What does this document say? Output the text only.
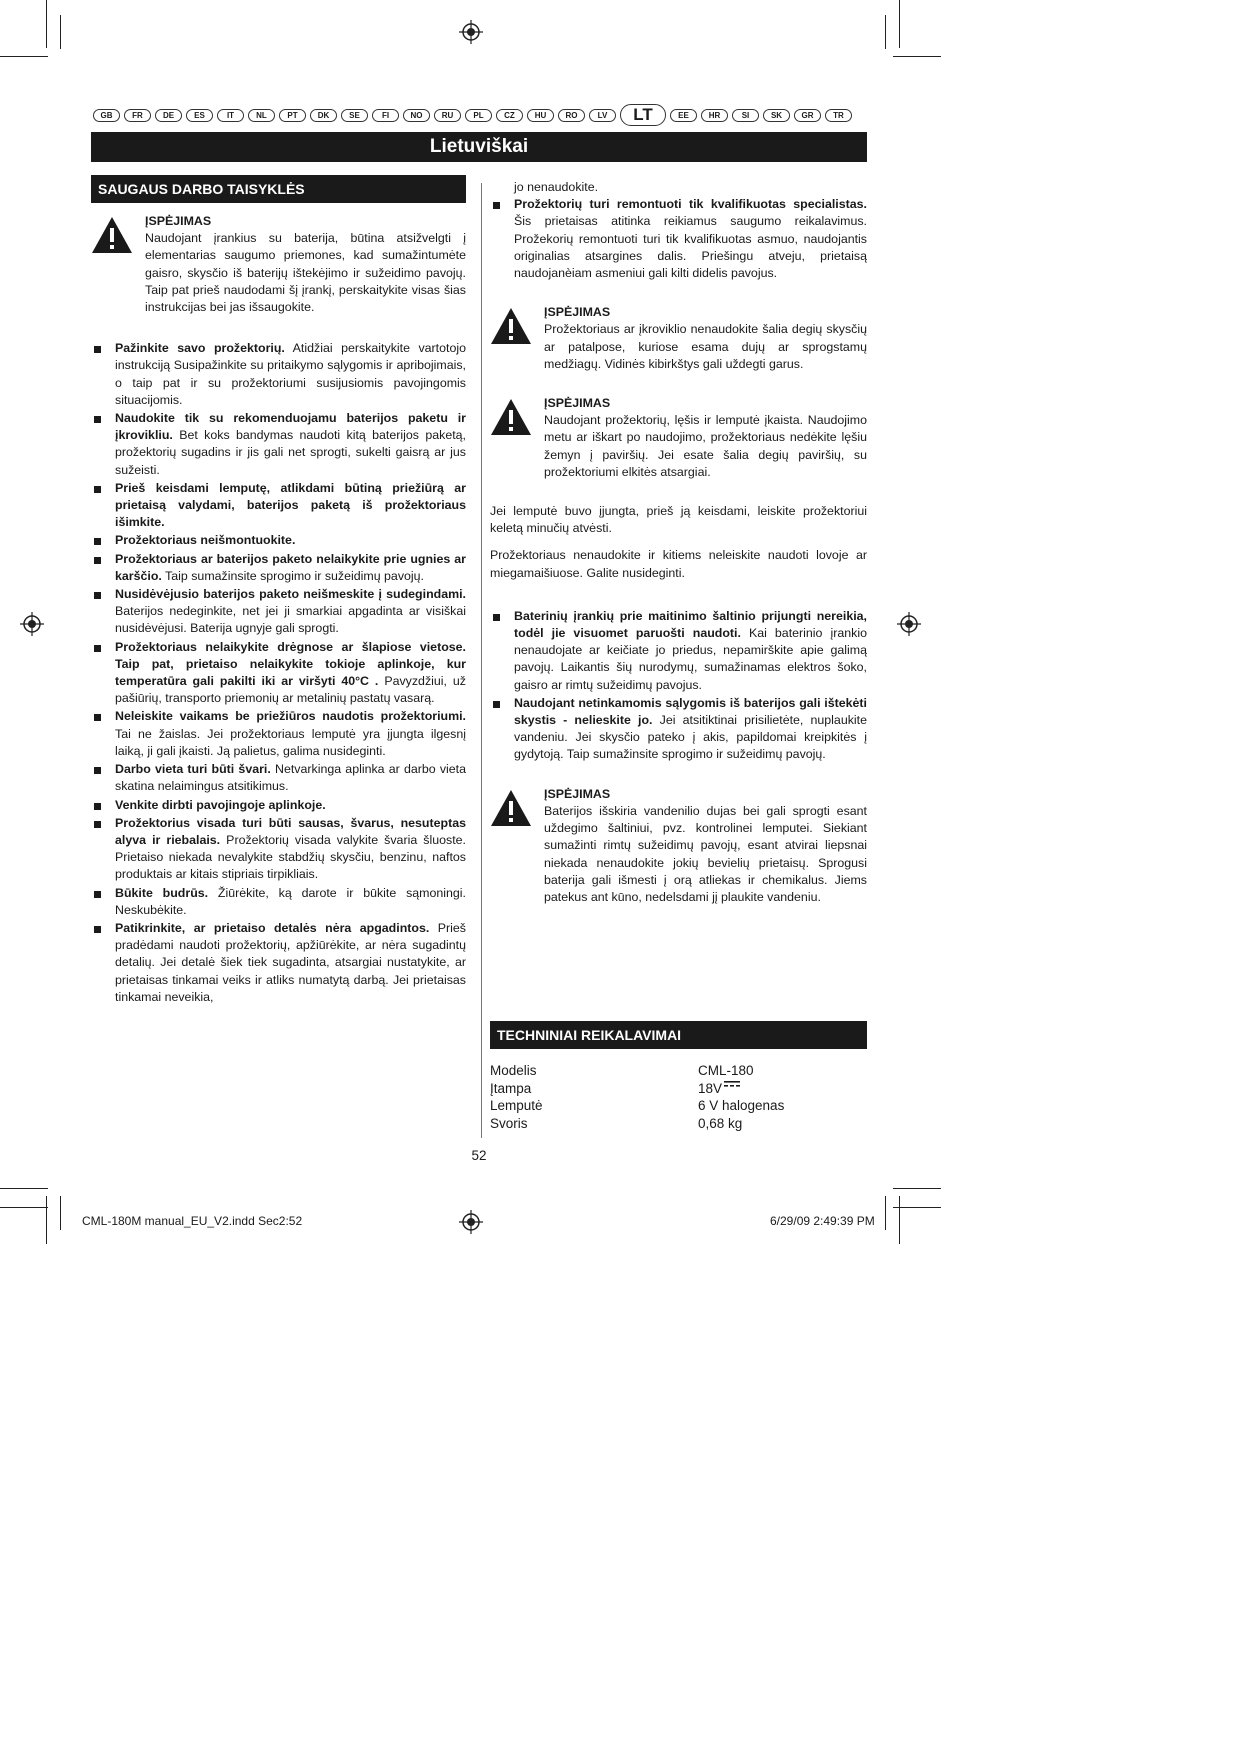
GB	FR	DE	ES	IT	NL	PT	DK	SE	FI	NO	RU	PL	CZ	HU	RO	LV	LT	EE	HR	SI	SK	GR	TR
Lietuviškai
SAUGAUS DARBO TAISYKLĖS
ĮSPĖJIMAS
Naudojant įrankius su baterija, būtina atsižvelgti į elementarias saugumo priemones, kad sumažintumėte gaisro, skysčio iš baterijų ištekėjimo ir sužeidimo pavojų. Taip pat prieš naudodami šį įrankį, perskaitykite visas šias instrukcijas bei jas išsaugokite.
Pažinkite savo prožektorių. Atidžiai perskaitykite vartotojo instrukciją Susipažinkite su pritaikymo sąlygomis ir apribojimais, o taip pat ir su prožektoriumi susijusiomis pavojingomis situacijomis.
Naudokite tik su rekomenduojamu baterijos paketu ir įkrovikliu. Bet koks bandymas naudoti kitą baterijos paketą, prožektorių sugadins ir jis gali net sprogti, sukelti gaisrą ar jus sužeisti.
Prieš keisdami lemputę, atlikdami būtiną priežiūrą ar prietaisą valydami, baterijos paketą iš prožektoriaus išimkite.
Prožektoriaus neišmontuokite.
Prožektoriaus ar baterijos paketo nelaikykite prie ugnies ar karščio. Taip sumažinsite sprogimo ir sužeidimų pavojų.
Nusidėvėjusio baterijos paketo neišmeskite į sudegindami. Baterijos nedeginkite, net jei ji smarkiai apgadinta ar visiškai nusidėvėjusi. Baterija ugnyje gali sprogti.
Prožektoriaus nelaikykite drėgnose ar šlapiose vietose. Taip pat, prietaiso nelaikykite tokioje aplinkoje, kur temperatūra gali pakilti iki ar viršyti 40°C . Pavyzdžiui, už pašiūrių, transporto priemonių ar metalinių pastatų vasarą.
Neleiskite vaikams be priežiūros naudotis prožektoriumi. Tai ne žaislas. Jei prožektoriaus lemputė yra įjungta ilgesnį laiką, ji gali įkaisti. Ją palietus, galima nusideginti.
Darbo vieta turi būti švari. Netvarkinga aplinka ar darbo vieta skatina nelaimingus atsitikimus.
Venkite dirbti pavojingoje aplinkoje.
Prožektorius visada turi būti sausas, švarus, nesuteptas alyva ir riebalais. Prožektorių visada valykite švaria šluoste. Prietaiso niekada nevalykite stabdžių skysčiu, benzinu, naftos produktais ar kitais stipriais tirpikliais.
Būkite budrūs. Žiūrėkite, ką darote ir būkite sąmoningi. Neskubėkite.
Patikrinkite, ar prietaiso detalės nėra apgadintos. Prieš pradėdami naudoti prožektorių, apžiūrėkite, ar nėra sugadintų detalių. Jei detalė šiek tiek sugadinta, atsargiai nustatykite, ar prietaisas tinkamai veiks ir atliks numatytą darbą. Jei prietaisas tinkamai neveikia,
jo nenaudokite.
Prožektorių turi remontuoti tik kvalifikuotas specialistas. Šis prietaisas atitinka reikiamus saugumo reikalavimus. Prožekorių remontuoti turi tik kvalifikuotas asmuo, naudojantis originalias atsargines dalis. Priešingu atveju, prietaisą naudojanèiam asmeniui gali kilti didelis pavojus.
ĮSPĖJIMAS
Prožektoriaus ar įkroviklio nenaudokite šalia degių skysčių ar patalpose, kuriose esama dujų ar sprogstamų medžiagų. Vidinės kibirkštys gali uždegti garus.
ĮSPĖJIMAS
Naudojant prožektorių, lęšis ir lemputė įkaista. Naudojimo metu ar iškart po naudojimo, prožektoriaus nedėkite lęšiu žemyn į paviršių. Jei esate šalia degių paviršių, su prožektoriumi elkitės atsargiai.
Jei lemputė buvo įjungta, prieš ją keisdami, leiskite prožektoriui keletą minučių atvėsti.
Prožektoriaus nenaudokite ir kitiems neleiskite naudoti lovoje ar miegamaišiuose. Galite nusideginti.
Baterinių įrankių prie maitinimo šaltinio prijungti nereikia, todėl jie visuomet paruošti naudoti. Kai baterinio įrankio nenaudojate ar keičiate jo priedus, nepamirškite apie galimą pavojų. Laikantis šių nurodymų, sumažinamas elektros šoko, gaisro ar rimtų sužeidimų pavojus.
Naudojant netinkamomis sąlygomis iš baterijos gali ištekėti skystis - nelieskite jo. Jei atsitiktinai prisilietėte, nuplaukite vandeniu. Jei skysčio pateko į akis, papildomai kreipkitės į gydytoją. Taip sumažinsite sprogimo ir sužeidimų pavojų.
ĮSPĖJIMAS
Baterijos išskiria vandenilio dujas bei gali sprogti esant uždegimo šaltiniui, pvz. kontrolinei lemputei. Siekiant sumažinti rimtų sužeidimų pavojų, esant atvirai liepsnai niekada nenaudokite jokių bevielių prietaisų. Sprogusi baterija gali išmesti į orą atliekas ir chemikalus. Jiems patekus ant kūno, nedelsdami jį plaukite vandeniu.
TECHNINIAI REIKALAVIMAI
Modelis	CML-180
Įtampa	18V
Lemputė	6 V halogenas
Svoris	0,68 kg
52
CML-180M manual_EU_V2.indd Sec2:52	6/29/09 2:49:39 PM
